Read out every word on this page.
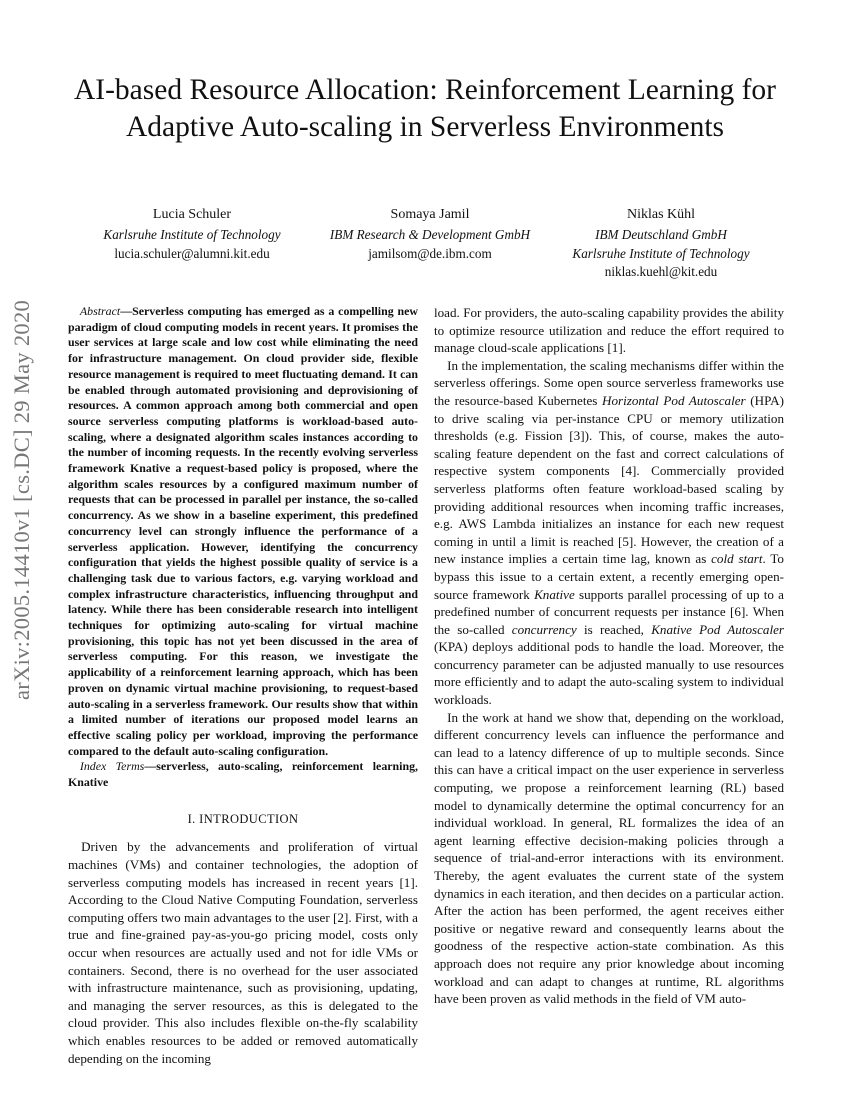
arXiv:2005.14410v1 [cs.DC] 29 May 2020
AI-based Resource Allocation: Reinforcement Learning for Adaptive Auto-scaling in Serverless Environments
Lucia Schuler
Karlsruhe Institute of Technology
lucia.schuler@alumni.kit.edu
Somaya Jamil
IBM Research & Development GmbH
jamilsom@de.ibm.com
Niklas Kühl
IBM Deutschland GmbH
Karlsruhe Institute of Technology
niklas.kuehl@kit.edu

Abstract—Serverless computing has emerged as a compelling new paradigm of cloud computing models in recent years. It promises the user services at large scale and low cost while eliminating the need for infrastructure management. On cloud provider side, flexible resource management is required to meet fluctuating demand. It can be enabled through automated provisioning and deprovisioning of resources. A common approach among both commercial and open source serverless computing platforms is workload-based auto-scaling, where a designated algorithm scales instances according to the number of incoming requests. In the recently evolving serverless framework Knative a request-based policy is proposed, where the algorithm scales resources by a configured maximum number of requests that can be processed in parallel per instance, the so-called concurrency. As we show in a baseline experiment, this predefined concurrency level can strongly influence the performance of a serverless application. However, identifying the concurrency configuration that yields the highest possible quality of service is a challenging task due to various factors, e.g. varying workload and complex infrastructure characteristics, influencing throughput and latency. While there has been considerable research into intelligent techniques for optimizing auto-scaling for virtual machine provisioning, this topic has not yet been discussed in the area of serverless computing. For this reason, we investigate the applicability of a reinforcement learning approach, which has been proven on dynamic virtual machine provisioning, to request-based auto-scaling in a serverless framework. Our results show that within a limited number of iterations our proposed model learns an effective scaling policy per workload, improving the performance compared to the default auto-scaling configuration.

Index Terms—serverless, auto-scaling, reinforcement learning, Knative

I. INTRODUCTION

Driven by the advancements and proliferation of virtual machines (VMs) and container technologies, the adoption of serverless computing models has increased in recent years [1]. According to the Cloud Native Computing Foundation, serverless computing offers two main advantages to the user [2]. First, with a true and fine-grained pay-as-you-go pricing model, costs only occur when resources are actually used and not for idle VMs or containers. Second, there is no overhead for the user associated with infrastructure maintenance, such as provisioning, updating, and managing the server resources, as this is delegated to the cloud provider. This also includes flexible on-the-fly scalability which enables resources to be added or removed automatically depending on the incoming

load. For providers, the auto-scaling capability provides the ability to optimize resource utilization and reduce the effort required to manage cloud-scale applications [1].

In the implementation, the scaling mechanisms differ within the serverless offerings. Some open source serverless frameworks use the resource-based Kubernetes Horizontal Pod Autoscaler (HPA) to drive scaling via per-instance CPU or memory utilization thresholds (e.g. Fission [3]). This, of course, makes the auto-scaling feature dependent on the fast and correct calculations of respective system components [4]. Commercially provided serverless platforms often feature workload-based scaling by providing additional resources when incoming traffic increases, e.g. AWS Lambda initializes an instance for each new request coming in until a limit is reached [5]. However, the creation of a new instance implies a certain time lag, known as cold start. To bypass this issue to a certain extent, a recently emerging open-source framework Knative supports parallel processing of up to a predefined number of concurrent requests per instance [6]. When the so-called concurrency is reached, Knative Pod Autoscaler (KPA) deploys additional pods to handle the load. Moreover, the concurrency parameter can be adjusted manually to use resources more efficiently and to adapt the auto-scaling system to individual workloads.

In the work at hand we show that, depending on the workload, different concurrency levels can influence the performance and can lead to a latency difference of up to multiple seconds. Since this can have a critical impact on the user experience in serverless computing, we propose a reinforcement learning (RL) based model to dynamically determine the optimal concurrency for an individual workload. In general, RL formalizes the idea of an agent learning effective decision-making policies through a sequence of trial-and-error interactions with its environment. Thereby, the agent evaluates the current state of the system dynamics in each iteration, and then decides on a particular action. After the action has been performed, the agent receives either positive or negative reward and consequently learns about the goodness of the respective action-state combination. As this approach does not require any prior knowledge about incoming workload and can adapt to changes at runtime, RL algorithms have been proven as valid methods in the field of VM auto-
